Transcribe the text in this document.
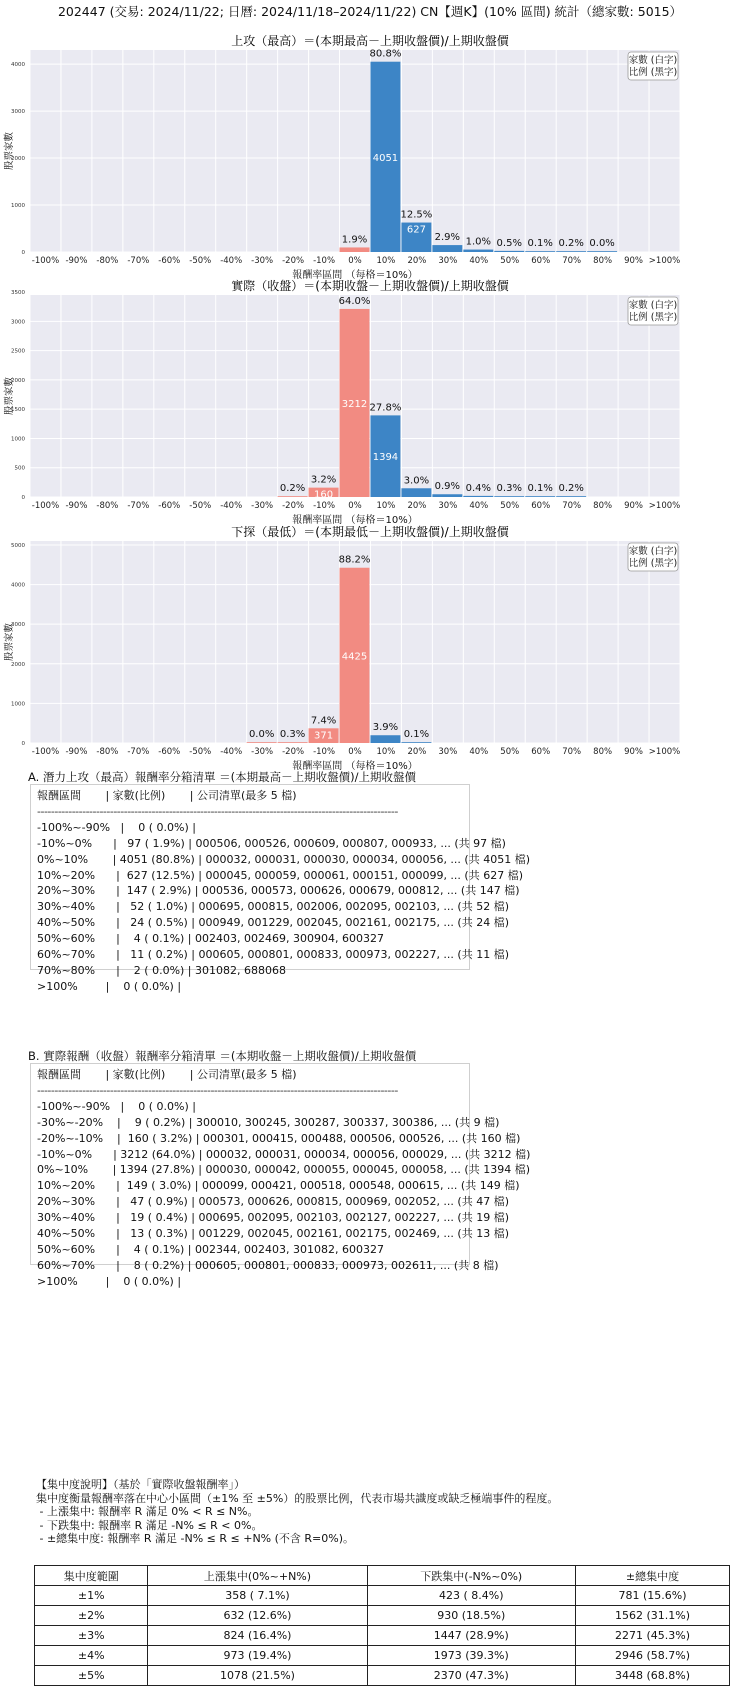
202447 (交易: 2024/11/22; 日曆: 2024/11/18–2024/11/22) CN【週K】(10% 區間) 統計（總家數: 5015）
上攻（最高）＝(本期最高－上期收盤價)/上期收盤價
0
1000
2000
3000
4000
-100% -90% -80% -70% -60% -50% -40% -30% -20% -10% 0% 10% 20% 30% 40% 50% 60% 70% 80% 90% >100%
1.9%
80.8%
4051
12.5%
627
2.9% 1.0% 0.5% 0.1% 0.2% 0.0%
報酬率區間 （每格＝10%）
股票家數
家數 (白字)
比例 (黑字)
實際（收盤）＝(本期收盤－上期收盤價)/上期收盤價
0
500
1000
1500
2000
2500
3000
3500
-100% -90% -80% -70% -60% -50% -40% -30% -20% -10% 0% 10% 20% 30% 40% 50% 60% 70% 80% 90% >100%
0.2%
3.2%
160
64.0%
3212 27.8%
1394
3.0%
0.9% 0.4% 0.3% 0.1% 0.2%
報酬率區間 （每格＝10%）
股票家數
家數 (白字)
比例 (黑字)
下探（最低）＝(本期最低－上期收盤價)/上期收盤價
0
1000
2000
3000
4000
5000
-100% -90% -80% -70% -60% -50% -40% -30% -20% -10% 0% 10% 20% 30% 40% 50% 60% 70% 80% 90% >100%
0.0% 0.3%
7.4%
371
88.2%
4425
3.9%
0.1%
報酬率區間 （每格＝10%）
股票家數
家數 (白字)
比例 (黑字)
A. 潛力上攻（最高）報酬率分箱清單 ＝(本期最高－上期收盤價)/上期收盤價
報酬區間       | 家數(比例)       | 公司清單(最多 5 檔)
--------------------------------------------------------------------------------------------------------
-100%~-90%   |    0 ( 0.0%) |
-10%~0%      |   97 ( 1.9%) | 000506, 000526, 000609, 000807, 000933, ... (共 97 檔)
0%~10%       | 4051 (80.8%) | 000032, 000031, 000030, 000034, 000056, ... (共 4051 檔)
10%~20%      |  627 (12.5%) | 000045, 000059, 000061, 000151, 000099, ... (共 627 檔)
20%~30%      |  147 ( 2.9%) | 000536, 000573, 000626, 000679, 000812, ... (共 147 檔)
30%~40%      |   52 ( 1.0%) | 000695, 000815, 002006, 002095, 002103, ... (共 52 檔)
40%~50%      |   24 ( 0.5%) | 000949, 001229, 002045, 002161, 002175, ... (共 24 檔)
50%~60%      |    4 ( 0.1%) | 002403, 002469, 300904, 600327
60%~70%      |   11 ( 0.2%) | 000605, 000801, 000833, 000973, 002227, ... (共 11 檔)
70%~80%      |    2 ( 0.0%) | 301082, 688068
>100%        |    0 ( 0.0%) |
B. 實際報酬（收盤）報酬率分箱清單 ＝(本期收盤－上期收盤價)/上期收盤價
報酬區間       | 家數(比例)       | 公司清單(最多 5 檔)
--------------------------------------------------------------------------------------------------------
-100%~-90%   |    0 ( 0.0%) |
-30%~-20%    |    9 ( 0.2%) | 300010, 300245, 300287, 300337, 300386, ... (共 9 檔)
-20%~-10%    |  160 ( 3.2%) | 000301, 000415, 000488, 000506, 000526, ... (共 160 檔)
-10%~0%      | 3212 (64.0%) | 000032, 000031, 000034, 000056, 000029, ... (共 3212 檔)
0%~10%       | 1394 (27.8%) | 000030, 000042, 000055, 000045, 000058, ... (共 1394 檔)
10%~20%      |  149 ( 3.0%) | 000099, 000421, 000518, 000548, 000615, ... (共 149 檔)
20%~30%      |   47 ( 0.9%) | 000573, 000626, 000815, 000969, 002052, ... (共 47 檔)
30%~40%      |   19 ( 0.4%) | 000695, 002095, 002103, 002127, 002227, ... (共 19 檔)
40%~50%      |   13 ( 0.3%) | 001229, 002045, 002161, 002175, 002469, ... (共 13 檔)
50%~60%      |    4 ( 0.1%) | 002344, 002403, 301082, 600327
60%~70%      |    8 ( 0.2%) | 000605, 000801, 000833, 000973, 002611, ... (共 8 檔)
>100%        |    0 ( 0.0%) |
【集中度說明】（基於「實際收盤報酬率」）
集中度衡量報酬率落在中心小區間（±1% 至 ±5%）的股票比例，代表市場共識度或缺乏極端事件的程度。
- 上漲集中: 報酬率 R 滿足 0% < R ≤ N%。
- 下跌集中: 報酬率 R 滿足 -N% ≤ R < 0%。
- ±總集中度: 報酬率 R 滿足 -N% ≤ R ≤ +N% (不含 R=0%)。
集中度範圍	上漲集中(0%~+N%)	下跌集中(-N%~0%)	±總集中度
±1%	358 ( 7.1%)	423 ( 8.4%)	781 (15.6%)
±2%	632 (12.6%)	930 (18.5%)	1562 (31.1%)
±3%	824 (16.4%)	1447 (28.9%)	2271 (45.3%)
±4%	973 (19.4%)	1973 (39.3%)	2946 (58.7%)
±5%	1078 (21.5%)	2370 (47.3%)	3448 (68.8%)
